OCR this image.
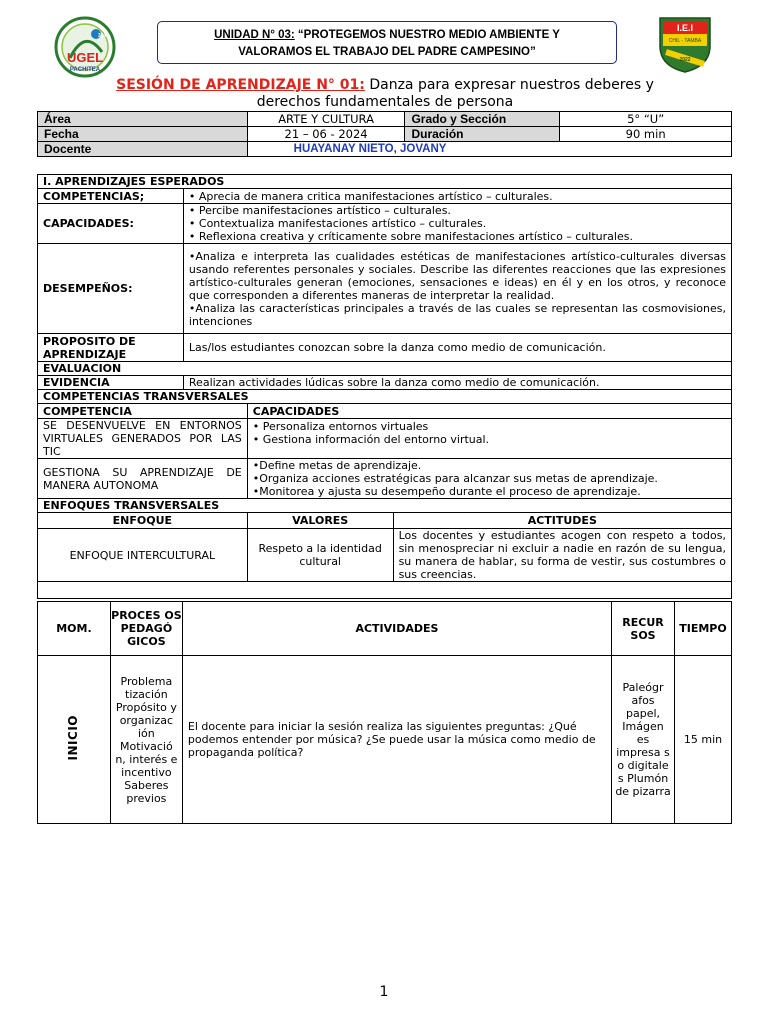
UGEL
PACHITEA
304	UNIDAD N° 03: “PROTEGEMOS NUESTRO MEDIO AMBIENTE Y
VALORAMOS EL TRABAJO DEL PADRE CAMPESINO”
I.E.I
CHIL - TAMBA
2022
SESIÓN DE APRENDIZAJE N° 01: Danza para expresar nuestros deberes y
derechos fundamentales de persona
Área	ARTE Y CULTURA	Grado y Sección	5° “U”
Fecha	21 – 06 - 2024	Duración	90 min
Docente	HUAYANAY NIETO, JOVANY		
I. APRENDIZAJES ESPERADOS			
COMPETENCIAS;	• Aprecia de manera critica manifestaciones artístico – culturales.		
CAPACIDADES:	• Percibe manifestaciones artístico – culturales.
• Contextualiza manifestaciones artístico – culturales.
• Reflexiona creativa y críticamente sobre manifestaciones artístico – culturales.		

DESEMPEÑOS:	•Analiza e interpreta las cualidades estéticas de manifestaciones artístico-culturales diversas usando referentes personales y sociales. Describe las diferentes reacciones que las expresiones artístico-culturales generan (emociones, sensaciones e ideas) en él y en los otros, y reconoce que corresponden a diferentes maneras de interpretar la realidad.
•Analiza las características principales a través de las cuales se representan las cosmovisiones, intenciones		

PROPOSITO DE APRENDIZAJE	Las/los estudiantes conozcan sobre la danza como medio de comunicación.		
EVALUACION			
EVIDENCIA	Realizan actividades lúdicas sobre la danza como medio de comunicación.		
COMPETENCIAS TRANSVERSALES			
COMPETENCIA		CAPACIDADES	
SE DESENVUELVE EN ENTORNOS VIRTUALES GENERADOS POR LAS TIC		• Personaliza entornos virtuales
• Gestiona información del entorno virtual.	

GESTIONA SU APRENDIZAJE DE MANERA AUTONOMA		•Define metas de aprendizaje.
•Organiza acciones estratégicas para alcanzar sus metas de aprendizaje.
•Monitorea y ajusta su desempeño durante el proceso de aprendizaje.	

ENFOQUES TRANSVERSALES			
ENFOQUE		VALORES	ACTITUDES
ENFOQUE INTERCULTURAL		Respeto a la identidad cultural	Los docentes y estudiantes acogen con respeto a todos, sin menospreciar ni excluir a nadie en razón de su lengua, su manera de hablar, su forma de vestir, sus costumbres o sus creencias.

MOM.	PROCES OS PEDAGÓ GICOS	ACTIVIDADES	RECUR SOS	TIEMPO
INICIO	Problema tización Propósito y organizac ión Motivació n, interés e incentivo Saberes previos	El docente para iniciar la sesión realiza las siguientes preguntas: ¿Qué podemos entender por música? ¿Se puede usar la música como medio de propaganda política?	Paleógr afos papel, Imágen es impresa s o digitale s Plumón de pizarra	15 min
1
